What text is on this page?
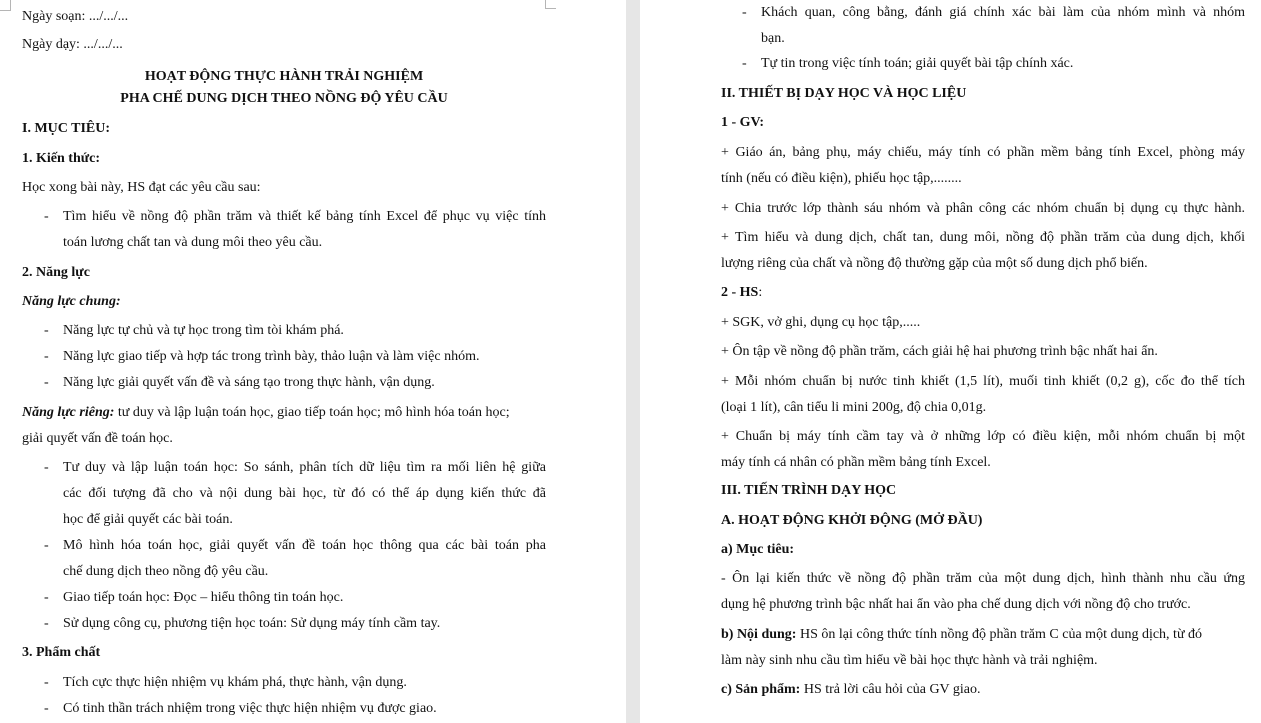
Ngày soạn: .../.../...
Ngày dạy: .../.../...
HOẠT ĐỘNG THỰC HÀNH TRẢI NGHIỆM
PHA CHẾ DUNG DỊCH THEO NỒNG ĐỘ YÊU CẦU
I. MỤC TIÊU:
1. Kiến thức:
Học xong bài này, HS đạt các yêu cầu sau:
- Tìm hiểu về nồng độ phần trăm và thiết kế bảng tính Excel để phục vụ việc tính
toán lương chất tan và dung môi theo yêu cầu.
2. Năng lực
Năng lực chung:
- Năng lực tự chủ và tự học trong tìm tòi khám phá.
- Năng lực giao tiếp và hợp tác trong trình bày, thảo luận và làm việc nhóm.
- Năng lực giải quyết vấn đề và sáng tạo trong thực hành, vận dụng.
Năng lực riêng: tư duy và lập luận toán học, giao tiếp toán học; mô hình hóa toán học;
giải quyết vấn đề toán học.
- Tư duy và lập luận toán học: So sánh, phân tích dữ liệu tìm ra mối liên hệ giữa
các đối tượng đã cho và nội dung bài học, từ đó có thể áp dụng kiến thức đã
học để giải quyết các bài toán.
- Mô hình hóa toán học, giải quyết vấn đề toán học thông qua các bài toán pha
chế dung dịch theo nồng độ yêu cầu.
- Giao tiếp toán học: Đọc – hiểu thông tin toán học.
- Sử dụng công cụ, phương tiện học toán: Sử dụng máy tính cầm tay.
3. Phẩm chất
- Tích cực thực hiện nhiệm vụ khám phá, thực hành, vận dụng.
- Có tinh thần trách nhiệm trong việc thực hiện nhiệm vụ được giao.
- Khách quan, công bằng, đánh giá chính xác bài làm của nhóm mình và nhóm
bạn.
- Tự tin trong việc tính toán; giải quyết bài tập chính xác.
II. THIẾT BỊ DẠY HỌC VÀ HỌC LIỆU
1 - GV:
+ Giáo án, bảng phụ, máy chiếu, máy tính có phần mềm bảng tính Excel, phòng máy
tính (nếu có điều kiện), phiếu học tập,........
+ Chia trước lớp thành sáu nhóm và phân công các nhóm chuẩn bị dụng cụ thực hành.
+ Tìm hiểu và dung dịch, chất tan, dung môi, nồng độ phần trăm của dung dịch, khối
lượng riêng của chất và nồng độ thường gặp của một số dung dịch phổ biến.
2 - HS:
+ SGK, vở ghi, dụng cụ học tập,.....
+ Ôn tập về nồng độ phần trăm, cách giải hệ hai phương trình bậc nhất hai ẩn.
+ Mỗi nhóm chuẩn bị nước tinh khiết (1,5 lít), muối tinh khiết (0,2 g), cốc đo thể tích
(loại 1 lít), cân tiểu li mini 200g, độ chia 0,01g.
+ Chuẩn bị máy tính cầm tay và ở những lớp có điều kiện, mỗi nhóm chuẩn bị một
máy tính cá nhân có phần mềm bảng tính Excel.
III. TIẾN TRÌNH DẠY HỌC
A. HOẠT ĐỘNG KHỞI ĐỘNG (MỞ ĐẦU)
a) Mục tiêu:
- Ôn lại kiến thức về nồng độ phần trăm của một dung dịch, hình thành nhu cầu ứng
dụng hệ phương trình bậc nhất hai ẩn vào pha chế dung dịch với nồng độ cho trước.
b) Nội dung: HS ôn lại công thức tính nồng độ phần trăm C của một dung dịch, từ đó
làm này sinh nhu cầu tìm hiểu về bài học thực hành và trải nghiệm.
c) Sản phẩm: HS trả lời câu hỏi của GV giao.
